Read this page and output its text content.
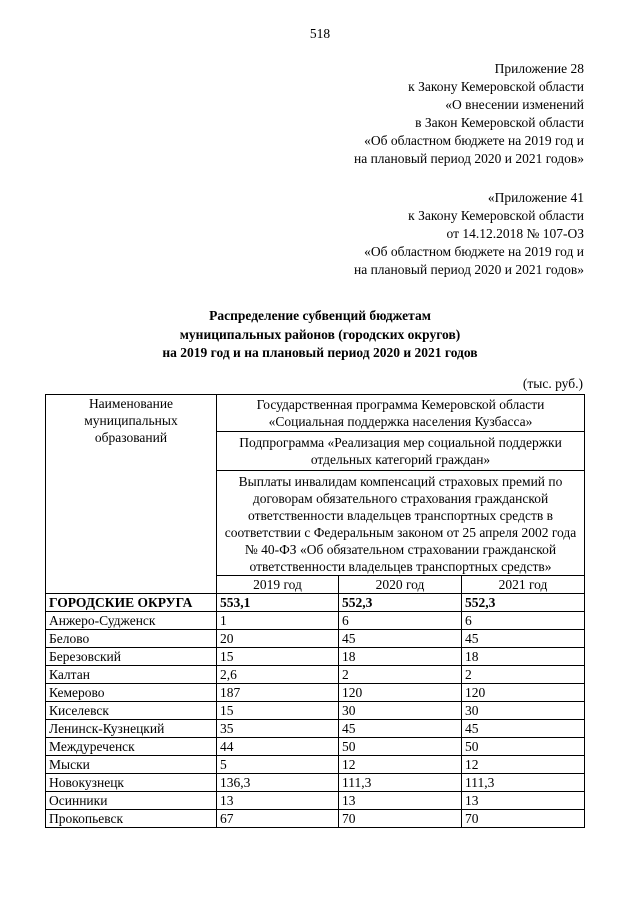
518
Приложение 28
к Закону Кемеровской области
«О внесении изменений
в Закон Кемеровской области
«Об областном бюджете на 2019 год и
на плановый период 2020 и 2021 годов»
«Приложение 41
к Закону Кемеровской области
от 14.12.2018 № 107-ОЗ
«Об областном бюджете на 2019 год и
на плановый период 2020 и 2021 годов»
Распределение субвенций бюджетам
муниципальных районов (городских округов)
на 2019 год и на плановый период 2020 и 2021 годов
(тыс. руб.)
Наименование муниципальных образований	Государственная программа Кемеровской области «Социальная поддержка населения Кузбасса»		
	Подпрограмма «Реализация мер социальной поддержки отдельных категорий граждан»		
	Выплаты инвалидам компенсаций страховых премий по договорам обязательного страхования гражданской ответственности владельцев транспортных средств в соответствии с Федеральным законом от 25 апреля 2002 года № 40-ФЗ «Об обязательном страховании гражданской ответственности владельцев транспортных средств»		
	2019 год	2020 год	2021 год
ГОРОДСКИЕ ОКРУГА	553,1	552,3	552,3
Анжеро-Судженск	1	6	6
Белово	20	45	45
Березовский	15	18	18
Калтан	2,6	2	2
Кемерово	187	120	120
Киселевск	15	30	30
Ленинск-Кузнецкий	35	45	45
Междуреченск	44	50	50
Мыски	5	12	12
Новокузнецк	136,3	111,3	111,3
Осинники	13	13	13
Прокопьевск	67	70	70
